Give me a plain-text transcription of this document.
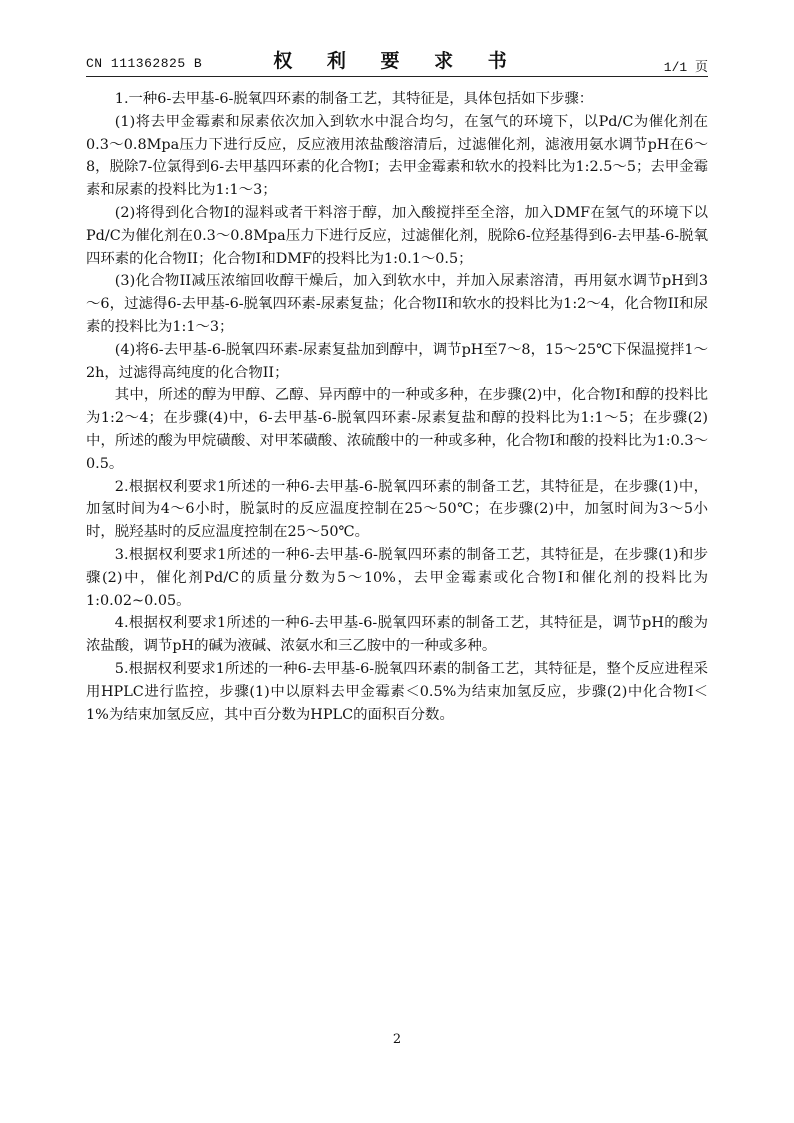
CN 111362825 B	权 利 要 求 书	1/1 页

1.一种6-去甲基-6-脱氧四环素的制备工艺，其特征是，具体包括如下步骤：

(1)将去甲金霉素和尿素依次加入到软水中混合均匀，在氢气的环境下，以Pd/C为催化剂在0.3～0.8Mpa压力下进行反应，反应液用浓盐酸溶清后，过滤催化剂，滤液用氨水调节pH在6～8，脱除7-位氯得到6-去甲基四环素的化合物I；去甲金霉素和软水的投料比为1:2.5～5；去甲金霉素和尿素的投料比为1:1～3；

(2)将得到化合物I的湿料或者干料溶于醇，加入酸搅拌至全溶，加入DMF在氢气的环境下以Pd/C为催化剂在0.3～0.8Mpa压力下进行反应，过滤催化剂，脱除6-位羟基得到6-去甲基-6-脱氧四环素的化合物II；化合物I和DMF的投料比为1:0.1～0.5；

(3)化合物II减压浓缩回收醇干燥后，加入到软水中，并加入尿素溶清，再用氨水调节pH到3～6，过滤得6-去甲基-6-脱氧四环素-尿素复盐；化合物II和软水的投料比为1:2～4，化合物II和尿素的投料比为1:1～3；

(4)将6-去甲基-6-脱氧四环素-尿素复盐加到醇中，调节pH至7～8，15～25℃下保温搅拌1～2h，过滤得高纯度的化合物II；

其中，所述的醇为甲醇、乙醇、异丙醇中的一种或多种，在步骤(2)中，化合物I和醇的投料比为1:2～4；在步骤(4)中，6-去甲基-6-脱氧四环素-尿素复盐和醇的投料比为1:1～5；在步骤(2)中，所述的酸为甲烷磺酸、对甲苯磺酸、浓硫酸中的一种或多种，化合物I和酸的投料比为1:0.3～0.5。

2.根据权利要求1所述的一种6-去甲基-6-脱氧四环素的制备工艺，其特征是，在步骤(1)中，加氢时间为4～6小时，脱氯时的反应温度控制在25～50℃；在步骤(2)中，加氢时间为3～5小时，脱羟基时的反应温度控制在25～50℃。

3.根据权利要求1所述的一种6-去甲基-6-脱氧四环素的制备工艺，其特征是，在步骤(1)和步骤(2)中，催化剂Pd/C的质量分数为5～10%，去甲金霉素或化合物I和催化剂的投料比为1:0.02~0.05。

4.根据权利要求1所述的一种6-去甲基-6-脱氧四环素的制备工艺，其特征是，调节pH的酸为浓盐酸，调节pH的碱为液碱、浓氨水和三乙胺中的一种或多种。

5.根据权利要求1所述的一种6-去甲基-6-脱氧四环素的制备工艺，其特征是，整个反应进程采用HPLC进行监控，步骤(1)中以原料去甲金霉素＜0.5%为结束加氢反应，步骤(2)中化合物I＜1%为结束加氢反应，其中百分数为HPLC的面积百分数。

2
